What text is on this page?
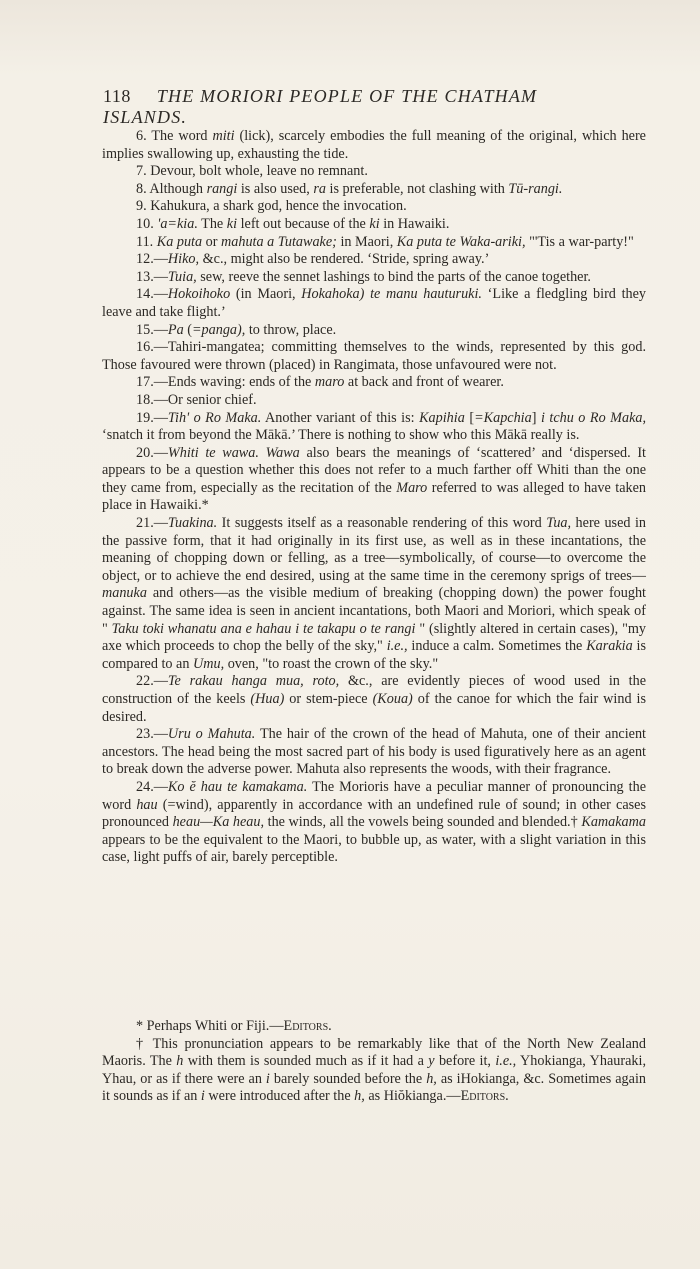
118 THE MORIORI PEOPLE OF THE CHATHAM ISLANDS.

6. The word miti (lick), scarcely embodies the full meaning of the original, which here implies swallowing up, exhausting the tide.

7. Devour, bolt whole, leave no remnant.

8. Although rangi is also used, ra is preferable, not clashing with Tū-rangi.

9. Kahukura, a shark god, hence the invocation.

10. 'a=kia. The ki left out because of the ki in Hawaiki.

11. Ka puta or mahuta a Tutawake; in Maori, Ka puta te Waka-ariki, "'Tis a war-party!"

12.—Hiko, &c., might also be rendered. ‘Stride, spring away.’

13.—Tuia, sew, reeve the sennet lashings to bind the parts of the canoe together.

14.—Hokoihoko (in Maori, Hokahoka) te manu hauturuki. ‘Like a fledgling bird they leave and take flight.’

15.—Pa (=panga), to throw, place.

16.—Tahiri-mangatea; committing themselves to the winds, represented by this god. Those favoured were thrown (placed) in Rangimata, those unfavoured were not.

17.—Ends waving: ends of the maro at back and front of wearer.

18.—Or senior chief.

19.—Tih' o Ro Maka. Another variant of this is: Kapihia [=Kapchia] i tchu o Ro Maka, ‘snatch it from beyond the Mākā.’ There is nothing to show who this Mākā really is.

20.—Whiti te wawa. Wawa also bears the meanings of ‘scattered’ and ‘dispersed. It appears to be a question whether this does not refer to a much farther off Whiti than the one they came from, especially as the recitation of the Maro referred to was alleged to have taken place in Hawaiki.*

21.—Tuakina. It suggests itself as a reasonable rendering of this word Tua, here used in the passive form, that it had originally in its first use, as well as in these incantations, the meaning of chopping down or felling, as a tree—symbolically, of course—to overcome the object, or to achieve the end desired, using at the same time in the ceremony sprigs of trees—manuka and others—as the visible medium of breaking (chopping down) the power fought against. The same idea is seen in ancient incantations, both Maori and Moriori, which speak of " Taku toki whanatu ana e hahau i te takapu o te rangi " (slightly altered in certain cases), "my axe which proceeds to chop the belly of the sky," i.e., induce a calm. Sometimes the Karakia is compared to an Umu, oven, "to roast the crown of the sky."

22.—Te rakau hanga mua, roto, &c., are evidently pieces of wood used in the construction of the keels (Hua) or stem-piece (Koua) of the canoe for which the fair wind is desired.

23.—Uru o Mahuta. The hair of the crown of the head of Mahuta, one of their ancient ancestors. The head being the most sacred part of his body is used figuratively here as an agent to break down the adverse power. Mahuta also represents the woods, with their fragrance.

24.—Ko ĕ hau te kamakama. The Morioris have a peculiar manner of pronouncing the word hau (=wind), apparently in accordance with an undefined rule of sound; in other cases pronounced heau—Ka heau, the winds, all the vowels being sounded and blended.† Kamakama appears to be the equivalent to the Maori, to bubble up, as water, with a slight variation in this case, light puffs of air, barely perceptible.

* Perhaps Whiti or Fiji.—Editors.

† This pronunciation appears to be remarkably like that of the North New Zealand Maoris. The h with them is sounded much as if it had a y before it, i.e., Yhokianga, Yhauraki, Yhau, or as if there were an i barely sounded before the h, as iHokianga, &c. Sometimes again it sounds as if an i were introduced after the h, as Hiŏkianga.—Editors.
